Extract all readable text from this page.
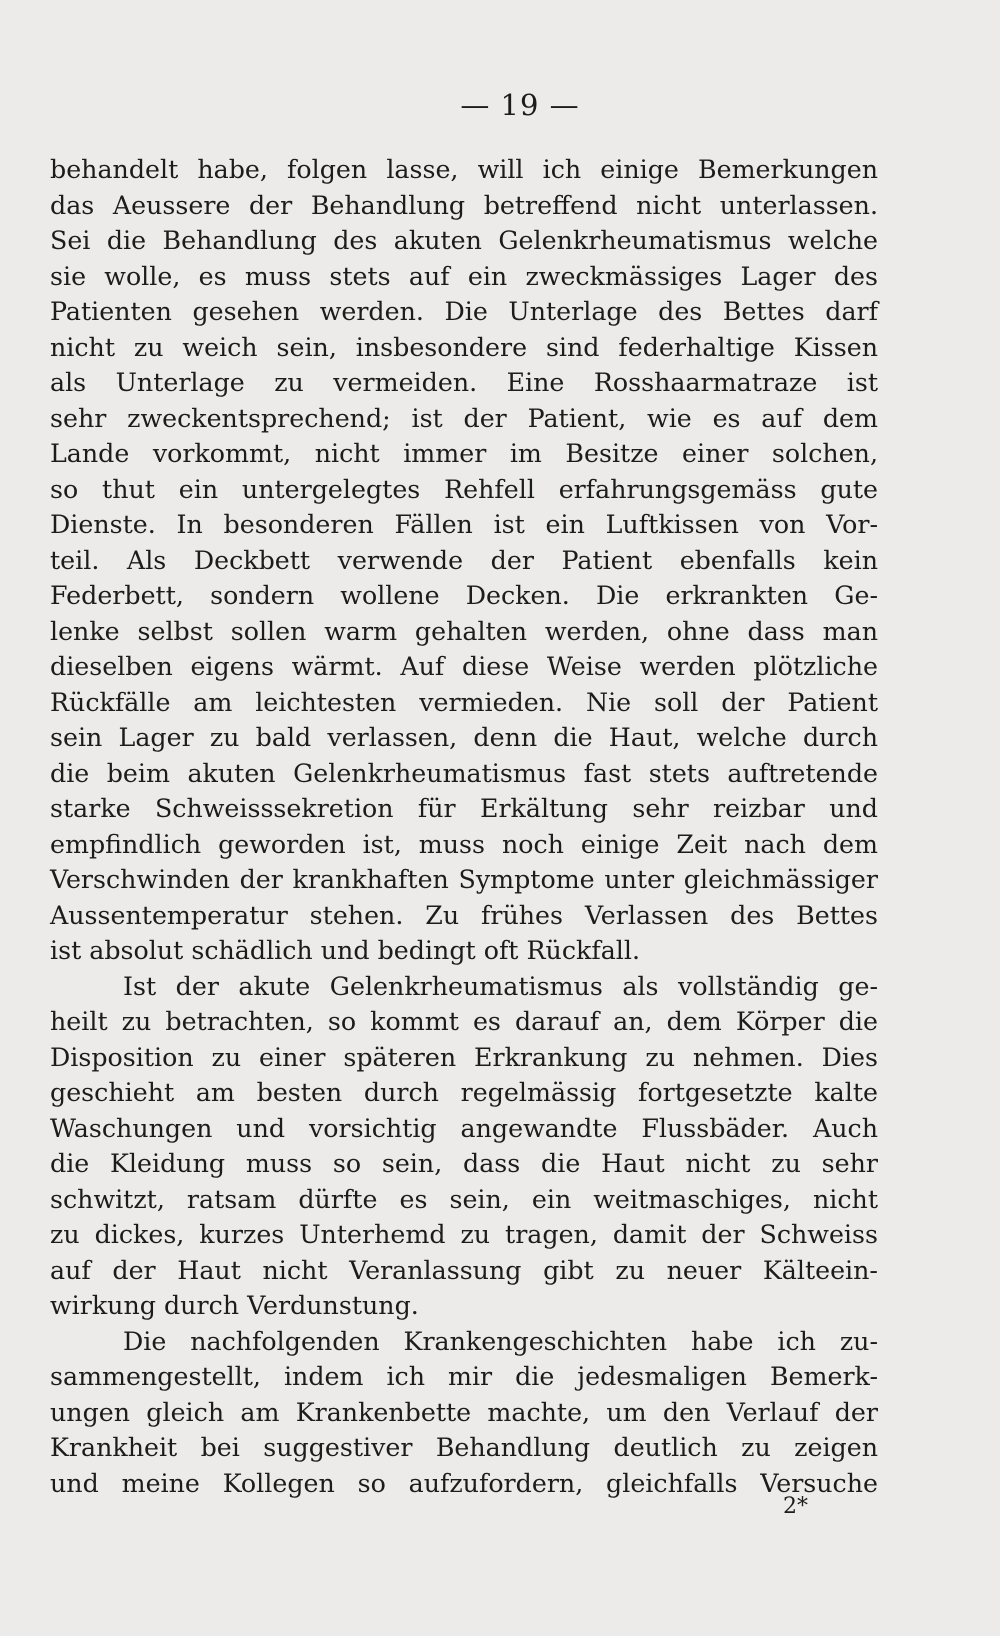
— 19 —
behandelt habe, folgen lasse, will ich einige Bemerkungen
das Aeussere der Behandlung betreffend nicht unterlassen.
Sei die Behandlung des akuten Gelenkrheumatismus welche
sie wolle, es muss stets auf ein zweckmässiges Lager des
Patienten gesehen werden. Die Unterlage des Bettes darf
nicht zu weich sein, insbesondere sind federhaltige Kissen
als Unterlage zu vermeiden. Eine Rosshaarmatraze ist
sehr zweckentsprechend; ist der Patient, wie es auf dem
Lande vorkommt, nicht immer im Besitze einer solchen,
so thut ein untergelegtes Rehfell erfahrungsgemäss gute
Dienste. In besonderen Fällen ist ein Luftkissen von Vor-
teil. Als Deckbett verwende der Patient ebenfalls kein
Federbett, sondern wollene Decken. Die erkrankten Ge-
lenke selbst sollen warm gehalten werden, ohne dass man
dieselben eigens wärmt. Auf diese Weise werden plötzliche
Rückfälle am leichtesten vermieden. Nie soll der Patient
sein Lager zu bald verlassen, denn die Haut, welche durch
die beim akuten Gelenkrheumatismus fast stets auftretende
starke Schweisssekretion für Erkältung sehr reizbar und
empfindlich geworden ist, muss noch einige Zeit nach dem
Verschwinden der krankhaften Symptome unter gleichmässiger
Aussentemperatur stehen. Zu frühes Verlassen des Bettes
ist absolut schädlich und bedingt oft Rückfall.
Ist der akute Gelenkrheumatismus als vollständig ge-
heilt zu betrachten, so kommt es darauf an, dem Körper die
Disposition zu einer späteren Erkrankung zu nehmen. Dies
geschieht am besten durch regelmässig fortgesetzte kalte
Waschungen und vorsichtig angewandte Flussbäder. Auch
die Kleidung muss so sein, dass die Haut nicht zu sehr
schwitzt, ratsam dürfte es sein, ein weitmaschiges, nicht
zu dickes, kurzes Unterhemd zu tragen, damit der Schweiss
auf der Haut nicht Veranlassung gibt zu neuer Kälteein-
wirkung durch Verdunstung.
Die nachfolgenden Krankengeschichten habe ich zu-
sammengestellt, indem ich mir die jedesmaligen Bemerk-
ungen gleich am Krankenbette machte, um den Verlauf der
Krankheit bei suggestiver Behandlung deutlich zu zeigen
und meine Kollegen so aufzufordern, gleichfalls Versuche
2*
